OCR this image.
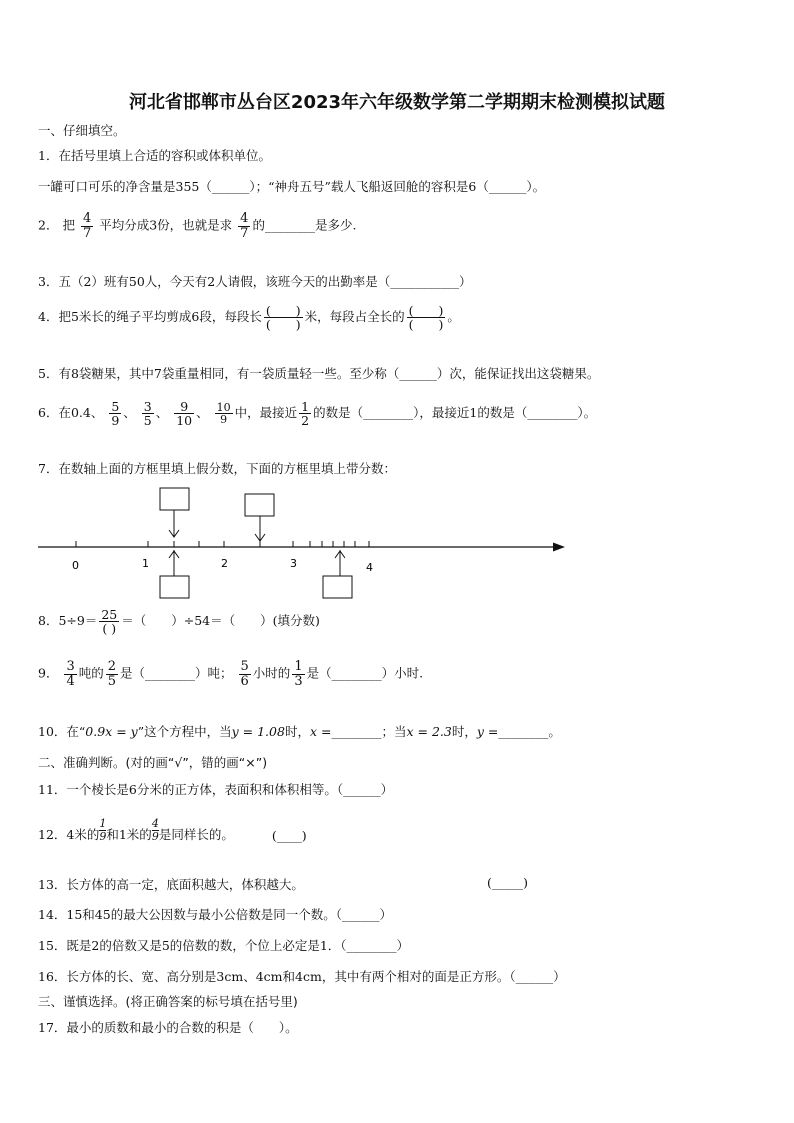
河北省邯郸市丛台区2023年六年级数学第二学期期末检测模拟试题
一、仔细填空。
1．在括号里填上合适的容积或体积单位。
一罐可口可乐的净含量是355（______）；“神舟五号”载人飞船返回舱的容积是6（______）。
2． 把 $\frac{4}{7}$ 平均分成3份，也就是求 $\frac{4}{7}$ 的________是多少.
3．五（2）班有50人，今天有2人请假，该班今天的出勤率是（___________）
4．把5米长的绳子平均剪成6段，每段长 $\frac{( )}{( )}$ 米，每段占全长的 $\frac{( )}{( )}$ 。
5．有8袋糖果，其中7袋重量相同，有一袋质量轻一些。至少称（______）次，能保证找出这袋糖果。
6．在0.4、 $\frac{5}{9}$ 、 $\frac{3}{5}$ 、 $\frac{9}{10}$ 、 $\frac{10}{9}$ 中，最接近 $\frac{1}{2}$ 的数是（________），最接近1的数是（________）。
7．在数轴上面的方框里填上假分数，下面的方框里填上带分数：
0	1	2	3	4
8．$5\div 9= \frac{25}{( )}$ ＝（　　）÷54＝（　　）(填分数)
9． $\frac{3}{4}$ 吨的 $\frac{2}{5}$ 是（________）吨； $\frac{5}{6}$ 小时的 $\frac{1}{3}$ 是（________）小时.
10．在“0.9x = y”这个方程中，当y = 1.08时，x =________；当x = 2.3时，y =________。
二、准确判断。(对的画“√”，错的画“×”)
11．一个棱长是6分米的正方体，表面积和体积相等。（______）
12．4米的 $\frac{1}{9}$ 和1米的 $\frac{4}{9}$ 是同样长的。	(____)
13．长方体的高一定，底面积越大，体积越大。	(_____)
14．15和45的最大公因数与最小公倍数是同一个数。（______）
15．既是2的倍数又是5的倍数的数，个位上必定是1．（________）
16．长方体的长、宽、高分别是3cm、4cm和4cm，其中有两个相对的面是正方形。（______）
三、谨慎选择。(将正确答案的标号填在括号里)
17．最小的质数和最小的合数的积是（　　）。
